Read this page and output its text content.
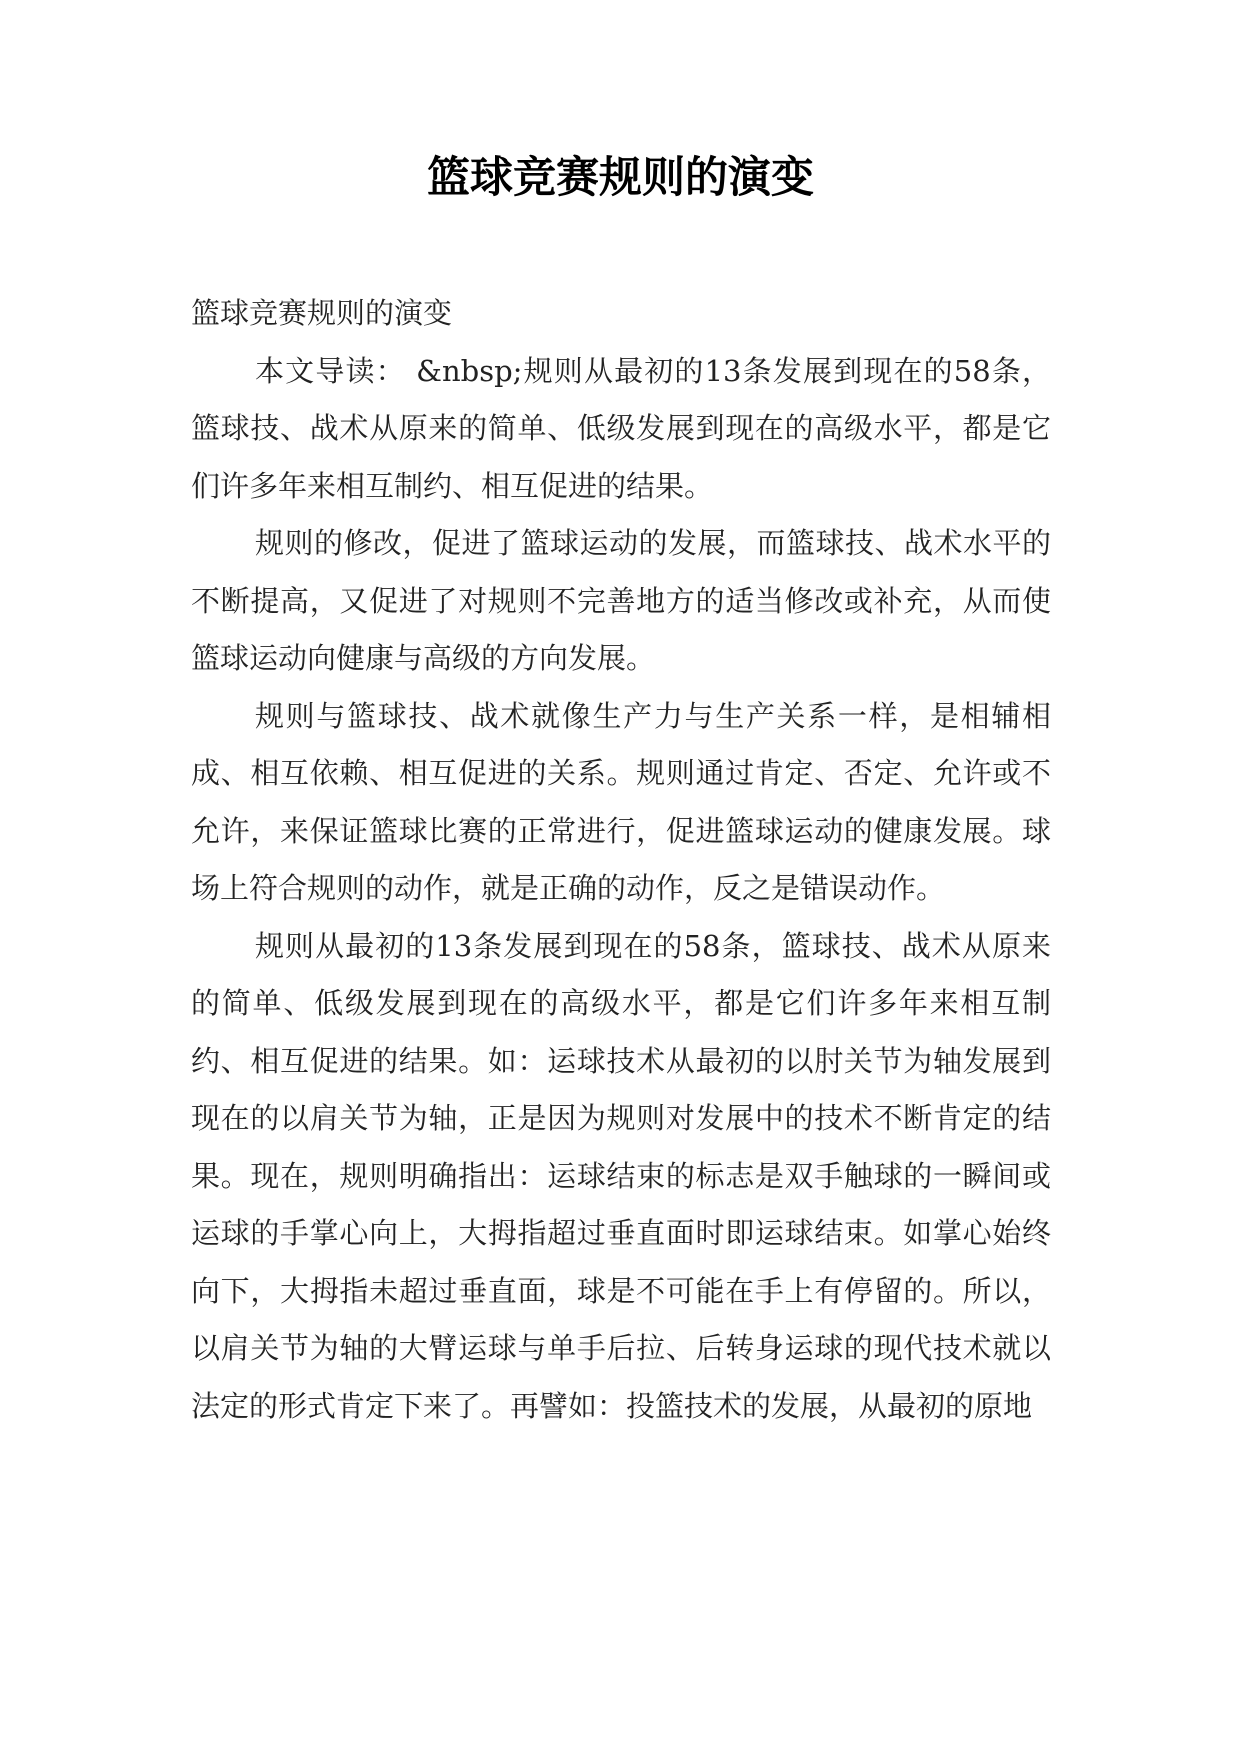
篮球竞赛规则的演变

篮球竞赛规则的演变

本文导读： &nbsp;规则从最初的13条发展到现在的58条，篮球技、战术从原来的简单、低级发展到现在的高级水平，都是它们许多年来相互制约、相互促进的结果。

规则的修改，促进了篮球运动的发展，而篮球技、战术水平的不断提高，又促进了对规则不完善地方的适当修改或补充，从而使篮球运动向健康与高级的方向发展。

规则与篮球技、战术就像生产力与生产关系一样，是相辅相成、相互依赖、相互促进的关系。规则通过肯定、否定、允许或不允许，来保证篮球比赛的正常进行，促进篮球运动的健康发展。球场上符合规则的动作，就是正确的动作，反之是错误动作。

规则从最初的13条发展到现在的58条，篮球技、战术从原来的简单、低级发展到现在的高级水平，都是它们许多年来相互制约、相互促进的结果。如：运球技术从最初的以肘关节为轴发展到现在的以肩关节为轴，正是因为规则对发展中的技术不断肯定的结果。现在，规则明确指出：运球结束的标志是双手触球的一瞬间或运球的手掌心向上，大拇指超过垂直面时即运球结束。如掌心始终向下，大拇指未超过垂直面，球是不可能在手上有停留的。所以，以肩关节为轴的大臂运球与单手后拉、后转身运球的现代技术就以法定的形式肯定下来了。再譬如：投篮技术的发展，从最初的原地
